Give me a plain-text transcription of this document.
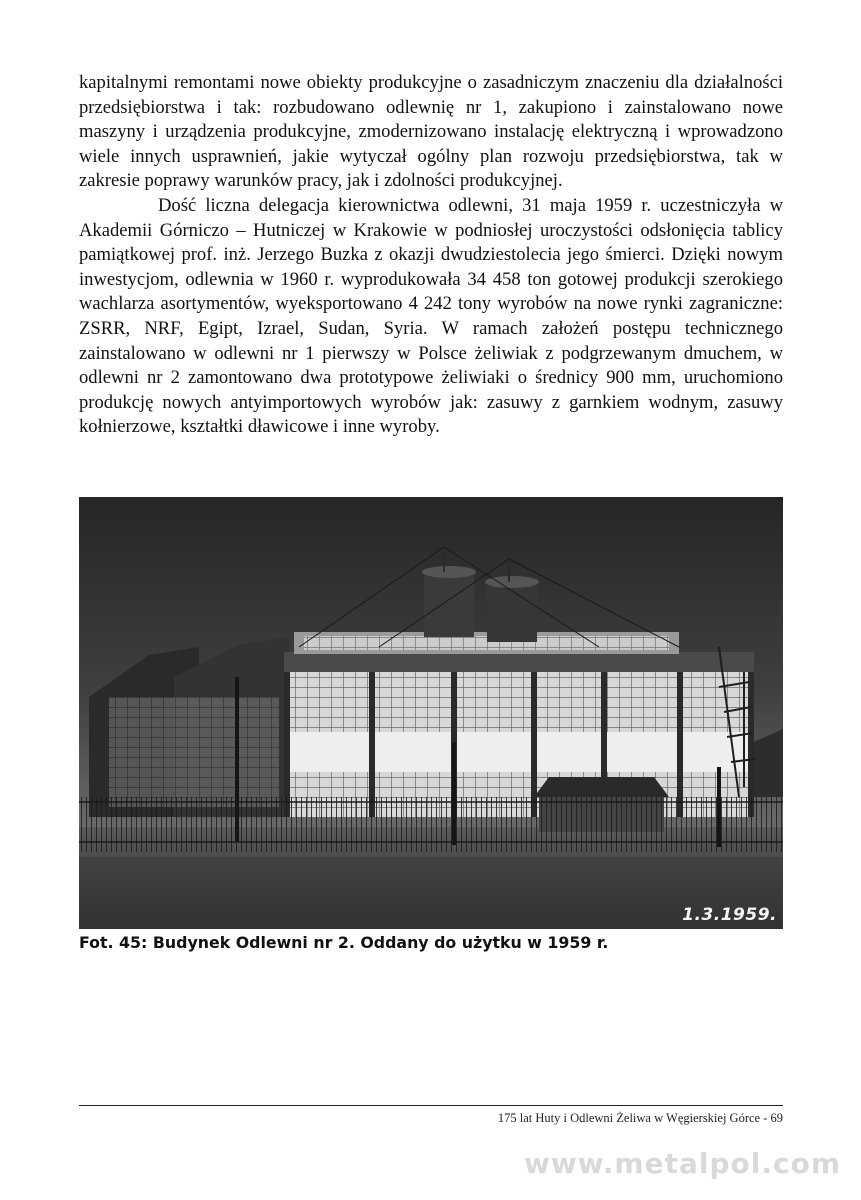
kapitalnymi remontami nowe obiekty produkcyjne o zasadniczym znaczeniu dla działalności przedsiębiorstwa i tak: rozbudowano odlewnię nr 1, zakupiono i zainstalowano nowe maszyny i urządzenia produkcyjne, zmodernizowano instalację elektryczną i wprowadzono wiele innych usprawnień, jakie wytyczał ogólny plan rozwoju przedsiębiorstwa, tak w zakresie poprawy warunków pracy, jak i zdolności produkcyjnej.

Dość liczna delegacja kierownictwa odlewni, 31 maja 1959 r. uczestniczyła w Akademii Górniczo – Hutniczej w Krakowie w podniosłej uroczystości odsłonięcia tablicy pamiątkowej prof. inż. Jerzego Buzka z okazji dwudziestolecia jego śmierci. Dzięki nowym inwestycjom, odlewnia w 1960 r. wyprodukowała 34 458 ton gotowej produkcji szerokiego wachlarza asortymentów, wyeksportowano 4 242 tony wyrobów na nowe rynki zagraniczne: ZSRR, NRF, Egipt, Izrael, Sudan, Syria. W ramach założeń postępu technicznego zainstalowano w odlewni nr 1 pierwszy w Polsce żeliwiak z podgrzewanym dmuchem, w odlewni nr 2 zamontowano dwa prototypowe żeliwiaki o średnicy 900 mm, uruchomiono produkcję nowych antyimportowych wyrobów jak: zasuwy z garnkiem wodnym, zasuwy kołnierzowe, kształtki dławicowe i inne wyroby.

1.3.1959.
Fot. 45: Budynek Odlewni nr 2. Oddany do użytku w 1959 r.
175 lat Huty i Odlewni Żeliwa w Węgierskiej Górce - 69
www.metalpol.com
